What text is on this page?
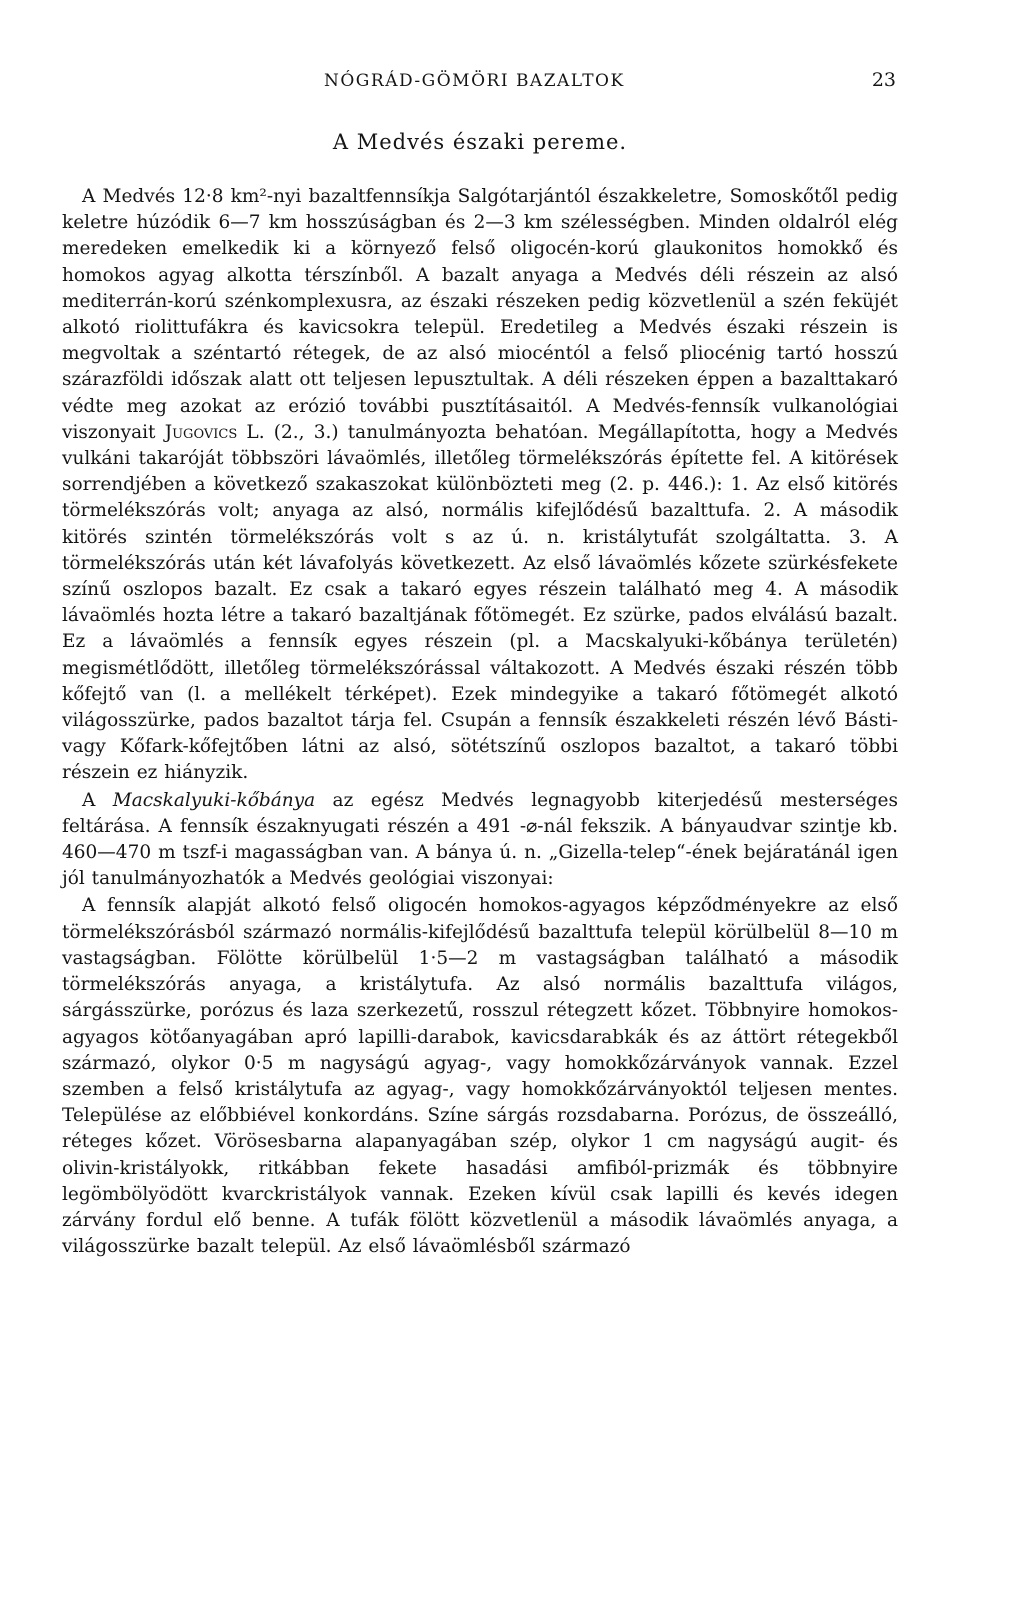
NÓGRÁD-GÖMÖRI BAZALTOK	23
A Medvés északi pereme.

A Medvés 12·8 km²-nyi bazaltfennsíkja Salgótarjántól északkeletre, Somoskőtől pedig keletre húzódik 6—7 km hosszúságban és 2—3 km szélességben. Minden oldalról elég meredeken emelkedik ki a környező felső oligocén-korú glaukonitos homokkő és homokos agyag alkotta térszínből. A bazalt anyaga a Medvés déli részein az alsó mediterrán-korú szénkomplexusra, az északi részeken pedig közvetlenül a szén feküjét alkotó riolittufákra és kavicsokra települ. Eredetileg a Medvés északi részein is megvoltak a széntartó rétegek, de az alsó miocéntól a felső pliocénig tartó hosszú szárazföldi időszak alatt ott teljesen lepusztultak. A déli részeken éppen a bazalttakaró védte meg azokat az erózió további pusztításaitól. A Medvés-fennsík vulkanológiai viszonyait Jugovics L. (2., 3.) tanulmányozta behatóan. Megállapította, hogy a Medvés vulkáni takaróját többszöri lávaömlés, illetőleg törmelékszórás építette fel. A kitörések sorrendjében a következő szakaszokat különbözteti meg (2. p. 446.): 1. Az első kitörés törmelékszórás volt; anyaga az alsó, normális kifejlődésű bazalttufa. 2. A második kitörés szintén törmelékszórás volt s az ú. n. kristálytufát szolgáltatta. 3. A törmelékszórás után két lávafolyás következett. Az első lávaömlés kőzete szürkésfekete színű oszlopos bazalt. Ez csak a takaró egyes részein található meg 4. A második lávaömlés hozta létre a takaró bazaltjának főtömegét. Ez szürke, pados elválású bazalt. Ez a lávaömlés a fennsík egyes részein (pl. a Macskalyuki-kőbánya területén) megismétlődött, illetőleg törmelékszórással váltakozott. A Medvés északi részén több kőfejtő van (l. a mellékelt térképet). Ezek mindegyike a takaró főtömegét alkotó világosszürke, pados bazaltot tárja fel. Csupán a fennsík északkeleti részén lévő Básti- vagy Kőfark-kőfejtőben látni az alsó, sötétszínű oszlopos bazaltot, a takaró többi részein ez hiányzik.

A Macskalyuki-kőbánya az egész Medvés legnagyobb kiterjedésű mesterséges feltárása. A fennsík északnyugati részén a 491 -⌀-nál fekszik. A bányaudvar szintje kb. 460—470 m tszf-i magasságban van. A bánya ú. n. „Gizella-telep“-ének bejáratánál igen jól tanulmányozhatók a Medvés geológiai viszonyai:

A fennsík alapját alkotó felső oligocén homokos-agyagos képződményekre az első törmelékszórásból származó normális-kifejlődésű bazalttufa települ körülbelül 8—10 m vastagságban. Fölötte körülbelül 1·5—2 m vastagságban található a második törmelékszórás anyaga, a kristálytufa. Az alsó normális bazalttufa világos, sárgásszürke, porózus és laza szerkezetű, rosszul rétegzett kőzet. Többnyire homokos-agyagos kötőanyagában apró lapilli-darabok, kavicsdarabkák és az áttört rétegekből származó, olykor 0·5 m nagyságú agyag-, vagy homokkőzárványok vannak. Ezzel szemben a felső kristálytufa az agyag-, vagy homokkőzárványoktól teljesen mentes. Települése az előbbiével konkordáns. Színe sárgás rozsdabarna. Porózus, de összeálló, réteges kőzet. Vörösesbarna alapanyagában szép, olykor 1 cm nagyságú augit- és olivin-kristályokk, ritkábban fekete hasadási amfiból-prizmák és többnyire legömbölyödött kvarckristályok vannak. Ezeken kívül csak lapilli és kevés idegen zárvány fordul elő benne. A tufák fölött közvetlenül a második lávaömlés anyaga, a világosszürke bazalt települ. Az első lávaömlésből származó
